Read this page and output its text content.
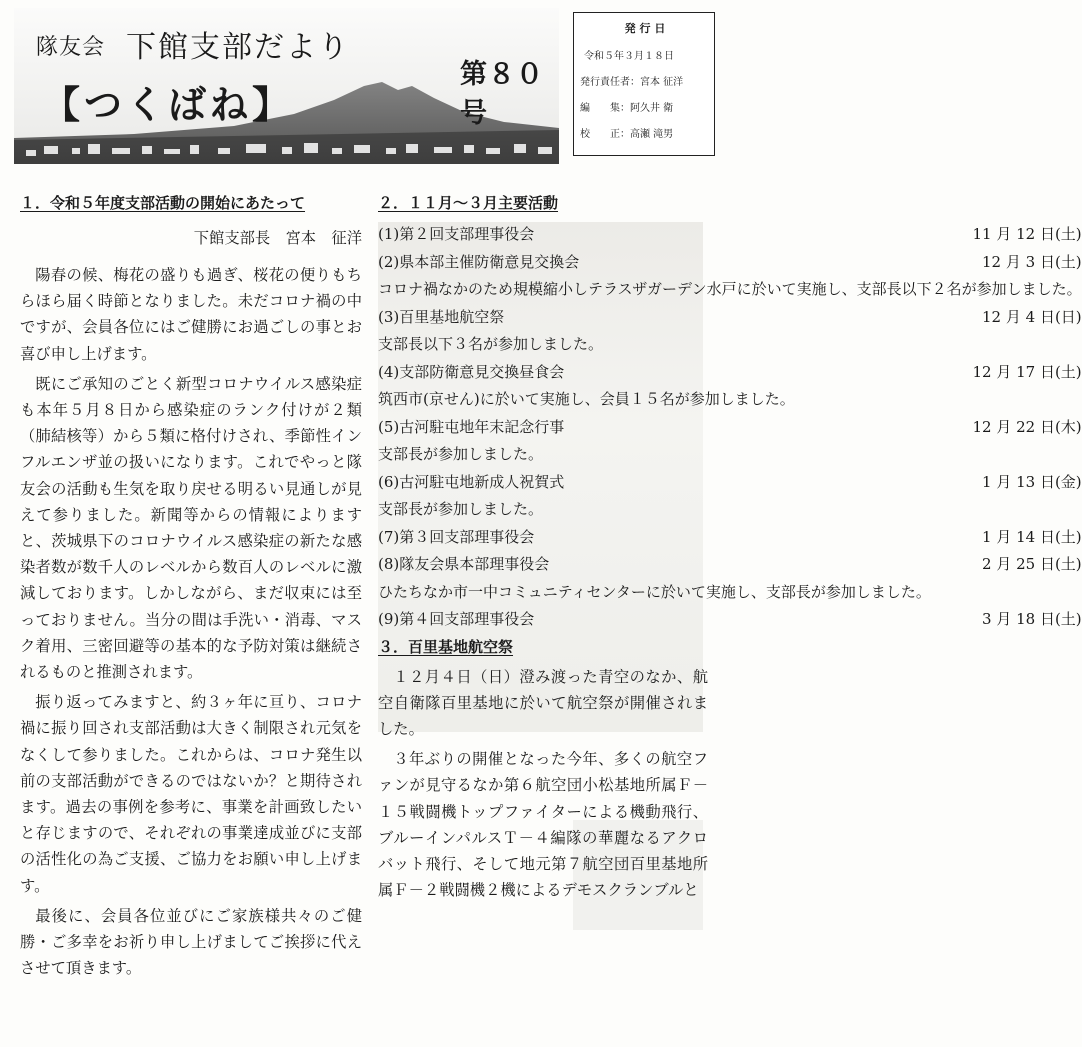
隊友会 下館支部だより
【つくばね】
第８０号
発 行 日
令和５年３月１８日
発行責任者：宮本 征洋
編　　集：阿久井 衛
校　　正：高瀬 滝男
１．令和５年度支部活動の開始にあたって
下館支部長　宮本　征洋

陽春の候、梅花の盛りも過ぎ、桜花の便りもちらほら届く時節となりました。未だコロナ禍の中ですが、会員各位にはご健勝にお過ごしの事とお喜び申し上げます。

既にご承知のごとく新型コロナウイルス感染症も本年５月８日から感染症のランク付けが２類（肺結核等）から５類に格付けされ、季節性インフルエンザ並の扱いになります。これでやっと隊友会の活動も生気を取り戻せる明るい見通しが見えて参りました。新聞等からの情報によりますと、茨城県下のコロナウイルス感染症の新たな感染者数が数千人のレベルから数百人のレベルに激減しております。しかしながら、まだ収束には至っておりません。当分の間は手洗い・消毒、マスク着用、三密回避等の基本的な予防対策は継続されるものと推測されます。

振り返ってみますと、約３ヶ年に亘り、コロナ禍に振り回され支部活動は大きく制限され元気をなくして参りました。これからは、コロナ発生以前の支部活動ができるのではないか？と期待されます。過去の事例を参考に、事業を計画致したいと存じますので、それぞれの事業達成並びに支部の活性化の為ご支援、ご協力をお願い申し上げます。

最後に、会員各位並びにご家族様共々のご健勝・ご多幸をお祈り申し上げましてご挨拶に代えさせて頂きます。

２．１１月～３月主要活動
(1)第２回支部理事役会	11 月 12 日(土)
(2)県本部主催防衛意見交換会	12 月 3 日(土)
コロナ禍なかのため規模縮小しテラスザガーデン水戸に於いて実施し、支部長以下２名が参加しました。	
(3)百里基地航空祭	12 月 4 日(日)
支部長以下３名が参加しました。	
(4)支部防衛意見交換昼食会	12 月 17 日(土)
筑西市(京せん)に於いて実施し、会員１５名が参加しました。	
(5)古河駐屯地年末記念行事	12 月 22 日(木)
支部長が参加しました。	
(6)古河駐屯地新成人祝賀式	1 月 13 日(金)
支部長が参加しました。	
(7)第３回支部理事役会	1 月 14 日(土)
(8)隊友会県本部理事役会	2 月 25 日(土)
ひたちなか市一中コミュニティセンターに於いて実施し、支部長が参加しました。	
(9)第４回支部理事役会	3 月 18 日(土)
３．百里基地航空祭

１２月４日（日）澄み渡った青空のなか、航空自衛隊百里基地に於いて航空祭が開催されました。

３年ぶりの開催となった今年、多くの航空ファンが見守るなか第６航空団小松基地所属Ｆ－１５戦闘機トップファイターによる機動飛行、ブルーインパルスＴ－４編隊の華麗なるアクロバット飛行、そして地元第７航空団百里基地所属Ｆ－２戦闘機２機によるデモスクランブルと
